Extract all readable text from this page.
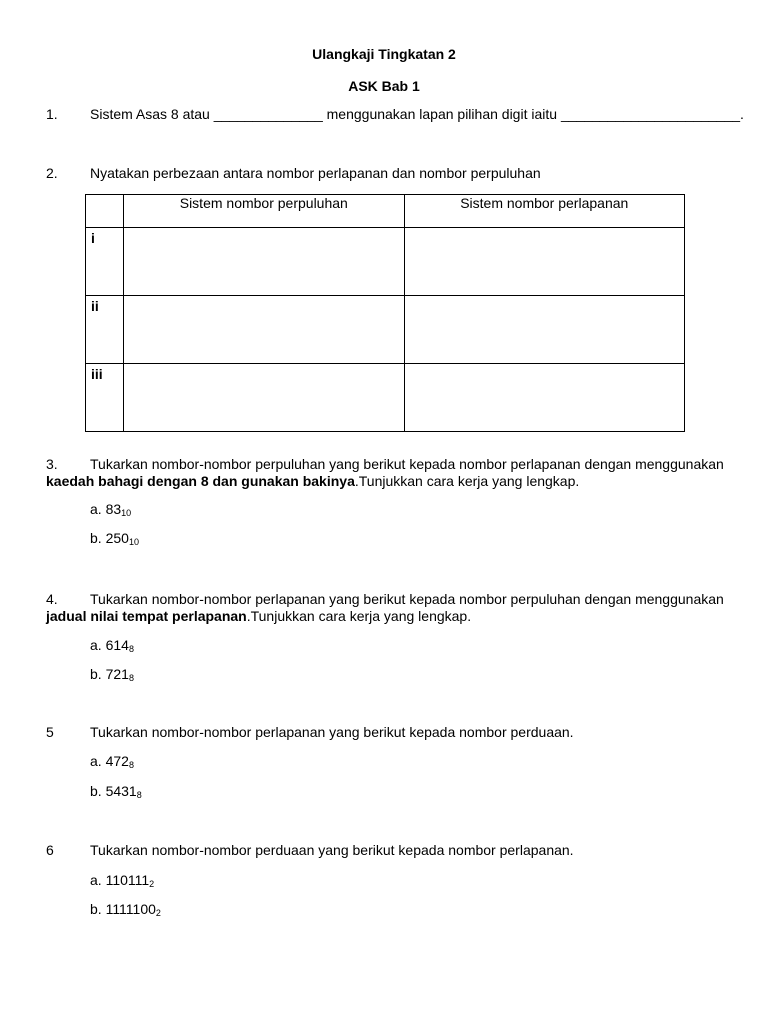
Ulangkaji Tingkatan 2
ASK Bab 1
1. Sistem Asas 8 atau ______________ menggunakan lapan pilihan digit iaitu _______________________.
2. Nyatakan perbezaan antara nombor perlapanan dan nombor perpuluhan
	Sistem nombor perpuluhan	Sistem nombor perlapanan
i		
ii		
iii		
3. Tukarkan nombor-nombor perpuluhan yang berikut kepada nombor perlapanan dengan menggunakan
kaedah bahagi dengan 8 dan gunakan bakinya.Tunjukkan cara kerja yang lengkap.
a. $83_{10}$
b. $250_{10}$
4. Tukarkan nombor-nombor perlapanan yang berikut kepada nombor perpuluhan dengan menggunakan
jadual nilai tempat perlapanan.Tunjukkan cara kerja yang lengkap.
a. $614_8$
b. $721_8$
5	Tukarkan nombor-nombor perlapanan yang berikut kepada nombor perduaan.
a. $472_8$
b. $5431_8$
6	Tukarkan nombor-nombor perduaan yang berikut kepada nombor perlapanan.
a. $110111_2$
b. $1111100_2$
